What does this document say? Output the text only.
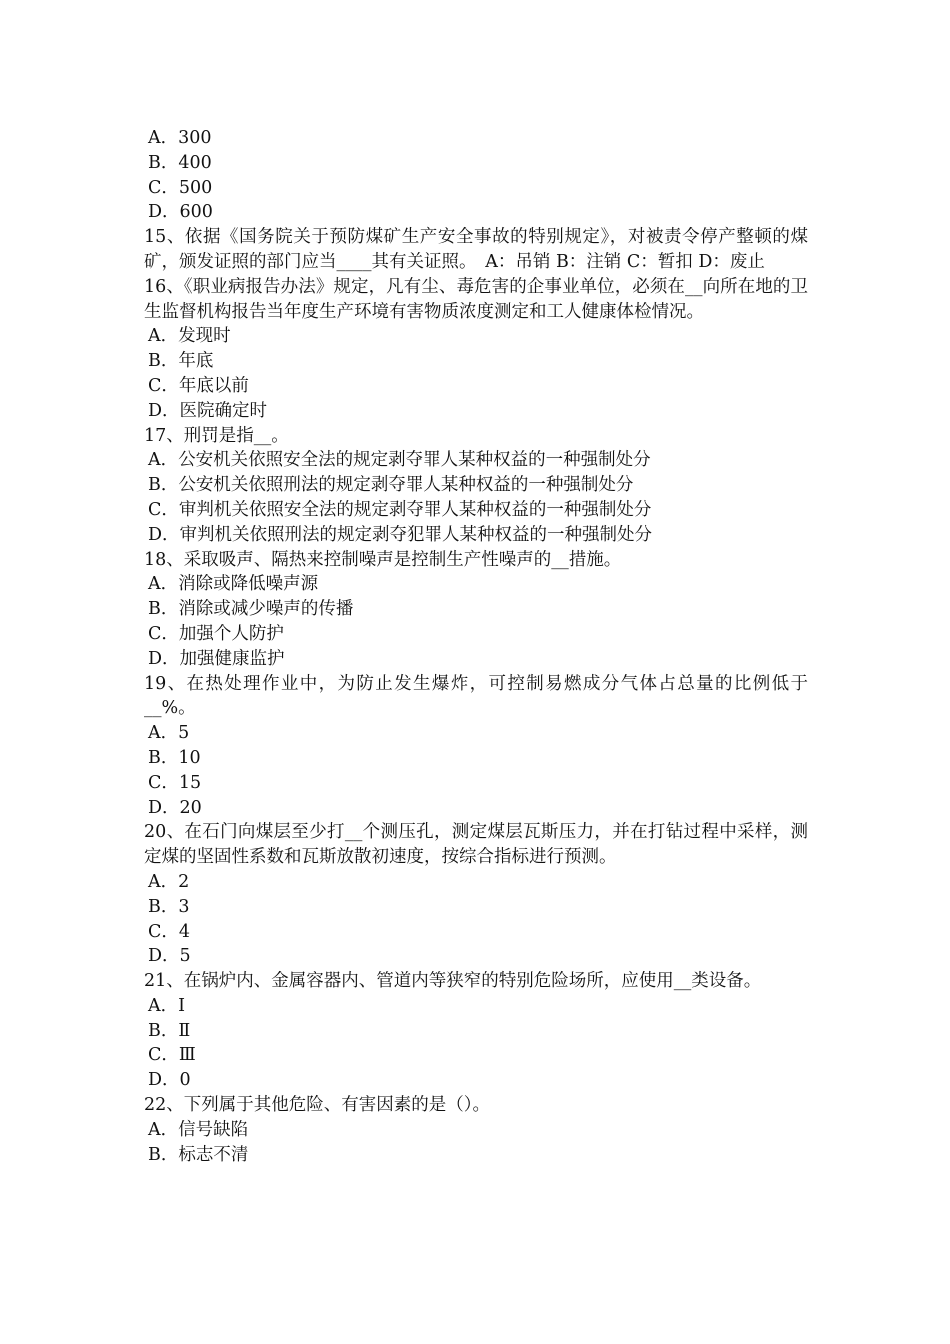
A．300

B．400

C．500

D．600

15、依据《国务院关于预防煤矿生产安全事故的特别规定》，对被责令停产整顿的煤矿，颁发证照的部门应当____其有关证照。　A：吊销 B：注销 C：暂扣 D：废止

16、《职业病报告办法》规定，凡有尘、毒危害的企事业单位，必须在__向所在地的卫生监督机构报告当年度生产环境有害物质浓度测定和工人健康体检情况。

A．发现时

B．年底

C．年底以前

D．医院确定时

17、刑罚是指__。

A．公安机关依照安全法的规定剥夺罪人某种权益的一种强制处分

B．公安机关依照刑法的规定剥夺罪人某种权益的一种强制处分

C．审判机关依照安全法的规定剥夺罪人某种权益的一种强制处分

D．审判机关依照刑法的规定剥夺犯罪人某种权益的一种强制处分

18、采取吸声、隔热来控制噪声是控制生产性噪声的__措施。

A．消除或降低噪声源

B．消除或减少噪声的传播

C．加强个人防护

D．加强健康监护

19、在热处理作业中，为防止发生爆炸，可控制易燃成分气体占总量的比例低于__%。

A．5

B．10

C．15

D．20

20、在石门向煤层至少打__个测压孔，测定煤层瓦斯压力，并在打钻过程中采样，测定煤的坚固性系数和瓦斯放散初速度，按综合指标进行预测。

A．2

B．3

C．4

D．5

21、在锅炉内、金属容器内、管道内等狭窄的特别危险场所，应使用__类设备。

A．Ⅰ

B．Ⅱ

C．Ⅲ

D．0

22、下列属于其他危险、有害因素的是（）。

A．信号缺陷

B．标志不清
